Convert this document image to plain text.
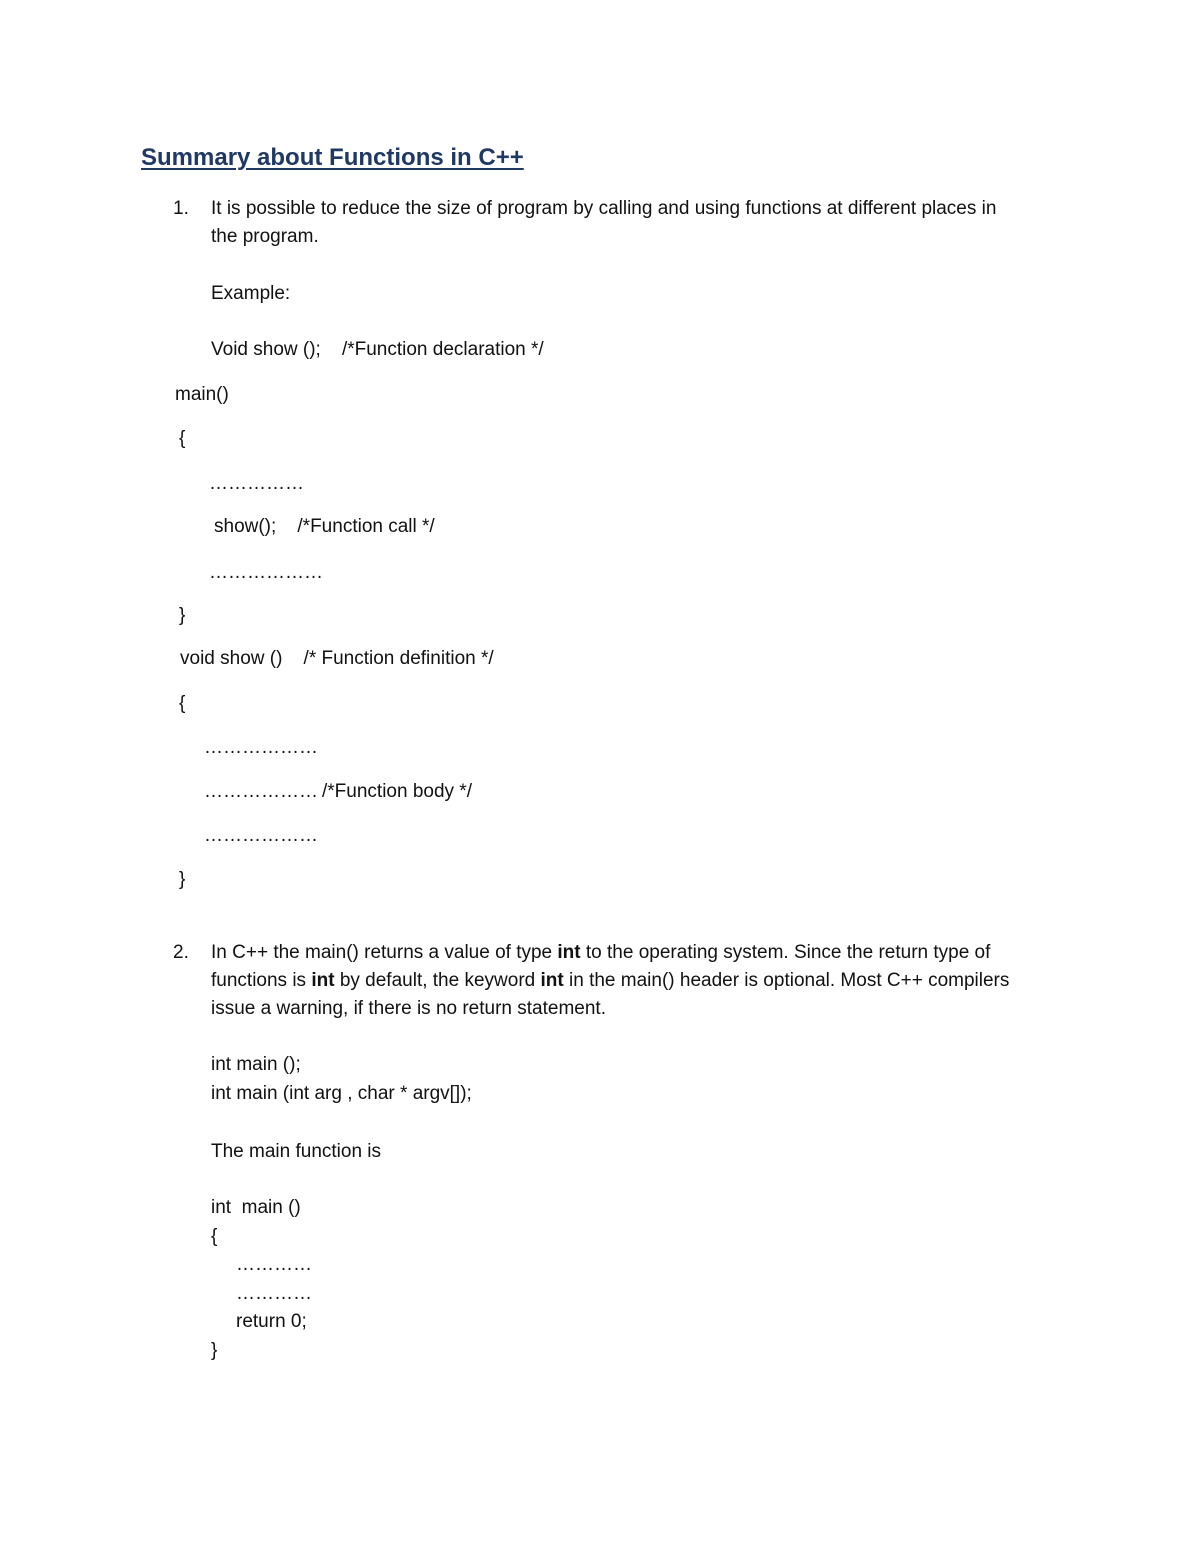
Summary about Functions in C++
1. It is possible to reduce the size of program by calling and using functions at different places in
the program.
Example:
Void show ();    /*Function declaration */
main()
{
……………
show();    /*Function call */
………………
}
void show ()    /* Function definition */
{
………………
……………… /*Function body */
………………
}
2. In C++ the main() returns a value of type int to the operating system. Since the return type of
functions is int by default, the keyword int in the main() header is optional. Most C++ compilers
issue a warning, if there is no return statement.
int main ();
int main (int arg , char * argv[]);
The main function is
int  main ()
{
…………
…………
return 0;
}
